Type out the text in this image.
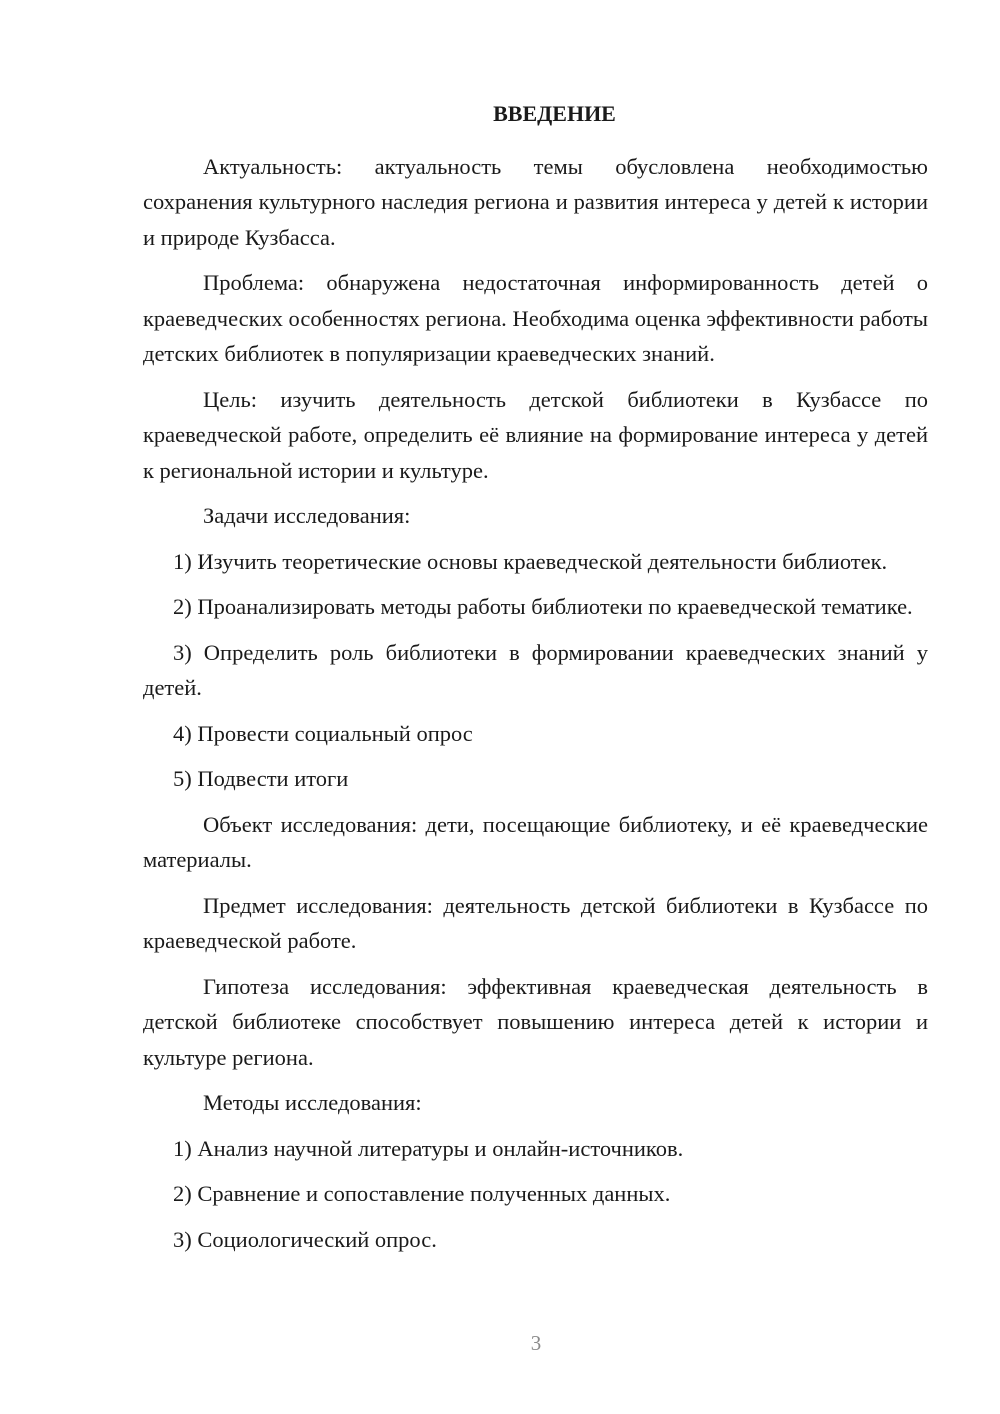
ВВЕДЕНИЕ

Актуальность: актуальность темы обусловлена необходимостью сохранения культурного наследия региона и развития интереса у детей к истории и природе Кузбасса.

Проблема: обнаружена недостаточная информированность детей о краеведческих особенностях региона. Необходима оценка эффективности работы детских библиотек в популяризации краеведческих знаний.

Цель: изучить деятельность детской библиотеки в Кузбассе по краеведческой работе, определить её влияние на формирование интереса у детей к региональной истории и культуре.

Задачи исследования:

1) Изучить теоретические основы краеведческой деятельности библиотек.

2) Проанализировать методы работы библиотеки по краеведческой тематике.

3) Определить роль библиотеки в формировании краеведческих знаний у детей.

4) Провести социальный опрос

5) Подвести итоги

Объект исследования: дети, посещающие библиотеку, и её краеведческие материалы.

Предмет исследования: деятельность детской библиотеки в Кузбассе по краеведческой работе.

Гипотеза исследования: эффективная краеведческая деятельность в детской библиотеке способствует повышению интереса детей к истории и культуре региона.

Методы исследования:

1) Анализ научной литературы и онлайн-источников.

2) Сравнение и сопоставление полученных данных.

3) Социологический опрос.

3
